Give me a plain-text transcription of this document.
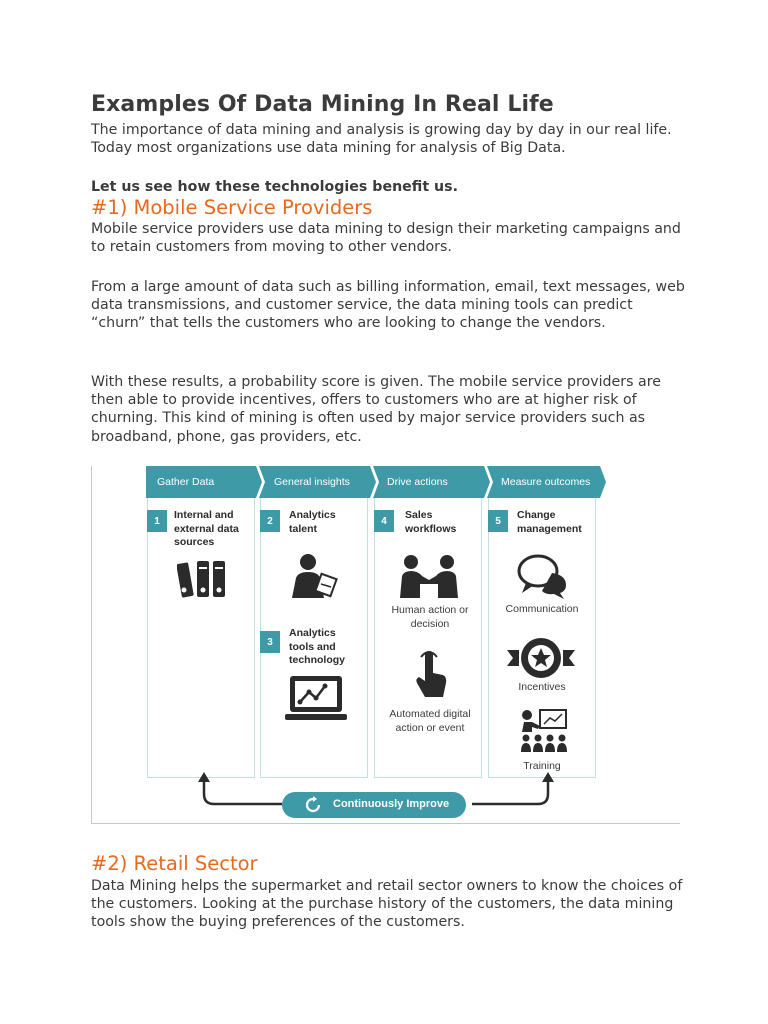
Examples Of Data Mining In Real Life

The importance of data mining and analysis is growing day by day in our real life. Today most organizations use data mining for analysis of Big Data.

Let us see how these technologies benefit us.

#1) Mobile Service Providers

Mobile service providers use data mining to design their marketing campaigns and to retain customers from moving to other vendors.

From a large amount of data such as billing information, email, text messages, web data transmissions, and customer service, the data mining tools can predict “churn” that tells the customers who are looking to change the vendors.

With these results, a probability score is given. The mobile service providers are then able to provide incentives, offers to customers who are at higher risk of churning. This kind of mining is often used by major service providers such as broadband, phone, gas providers, etc.

Gather Data	General insights	Drive actions	Measure outcomes
1	Internal and
external data
sources
2	Analytics
talent
3
Analytics
tools and
technology
4	Sales
workflows
Human action or
decision
Automated digital
action or event
5	Change
management
Communication
Incentives
Training
Continuously Improve
#2) Retail Sector

Data Mining helps the supermarket and retail sector owners to know the choices of the customers. Looking at the purchase history of the customers, the data mining tools show the buying preferences of the customers.
